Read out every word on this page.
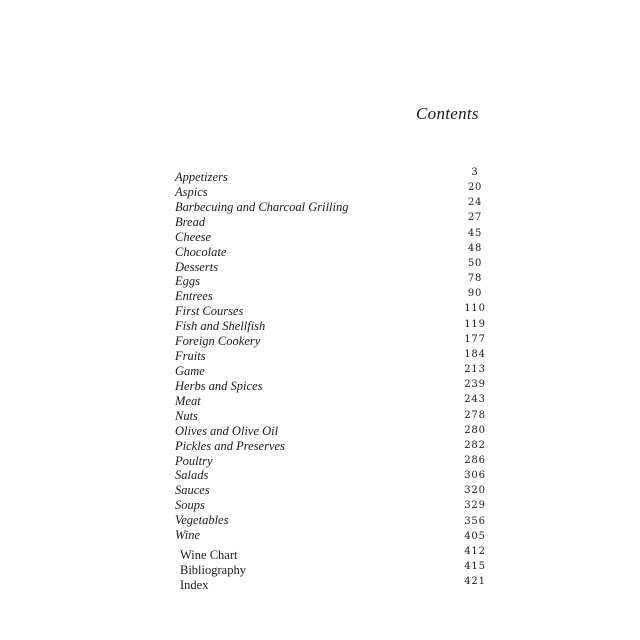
Contents
Appetizers
Aspics
Barbecuing and Charcoal Grilling
Bread
Cheese
Chocolate
Desserts
Eggs
Entrees
First Courses
Fish and Shellfish
Foreign Cookery
Fruits
Game
Herbs and Spices
Meat
Nuts
Olives and Olive Oil
Pickles and Preserves
Poultry
Salads
Sauces
Soups
Vegetables
Wine
Wine Chart
Bibliography
Index
3
20
24
27
45
48
50
78
90
110
119
177
184
213
239
243
278
280
282
286
306
320
329
356
405
412
415
421
